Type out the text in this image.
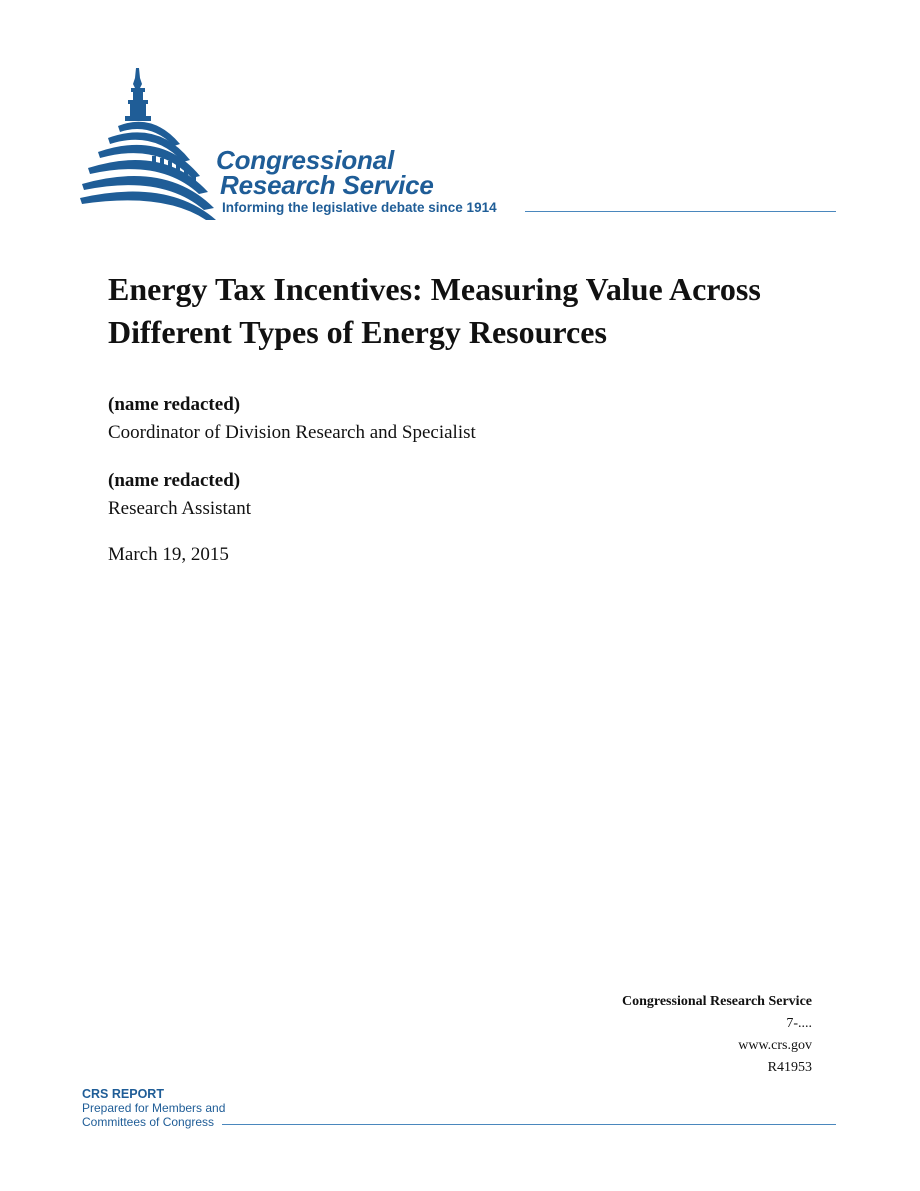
Congressional
Research Service
Informing the legislative debate since 1914
Energy Tax Incentives: Measuring Value Across Different Types of Energy Resources
(name redacted)
Coordinator of Division Research and Specialist
(name redacted)
Research Assistant
March 19, 2015
Congressional Research Service
7-....
www.crs.gov
R41953
CRS REPORT
Prepared for Members and
Committees of Congress
